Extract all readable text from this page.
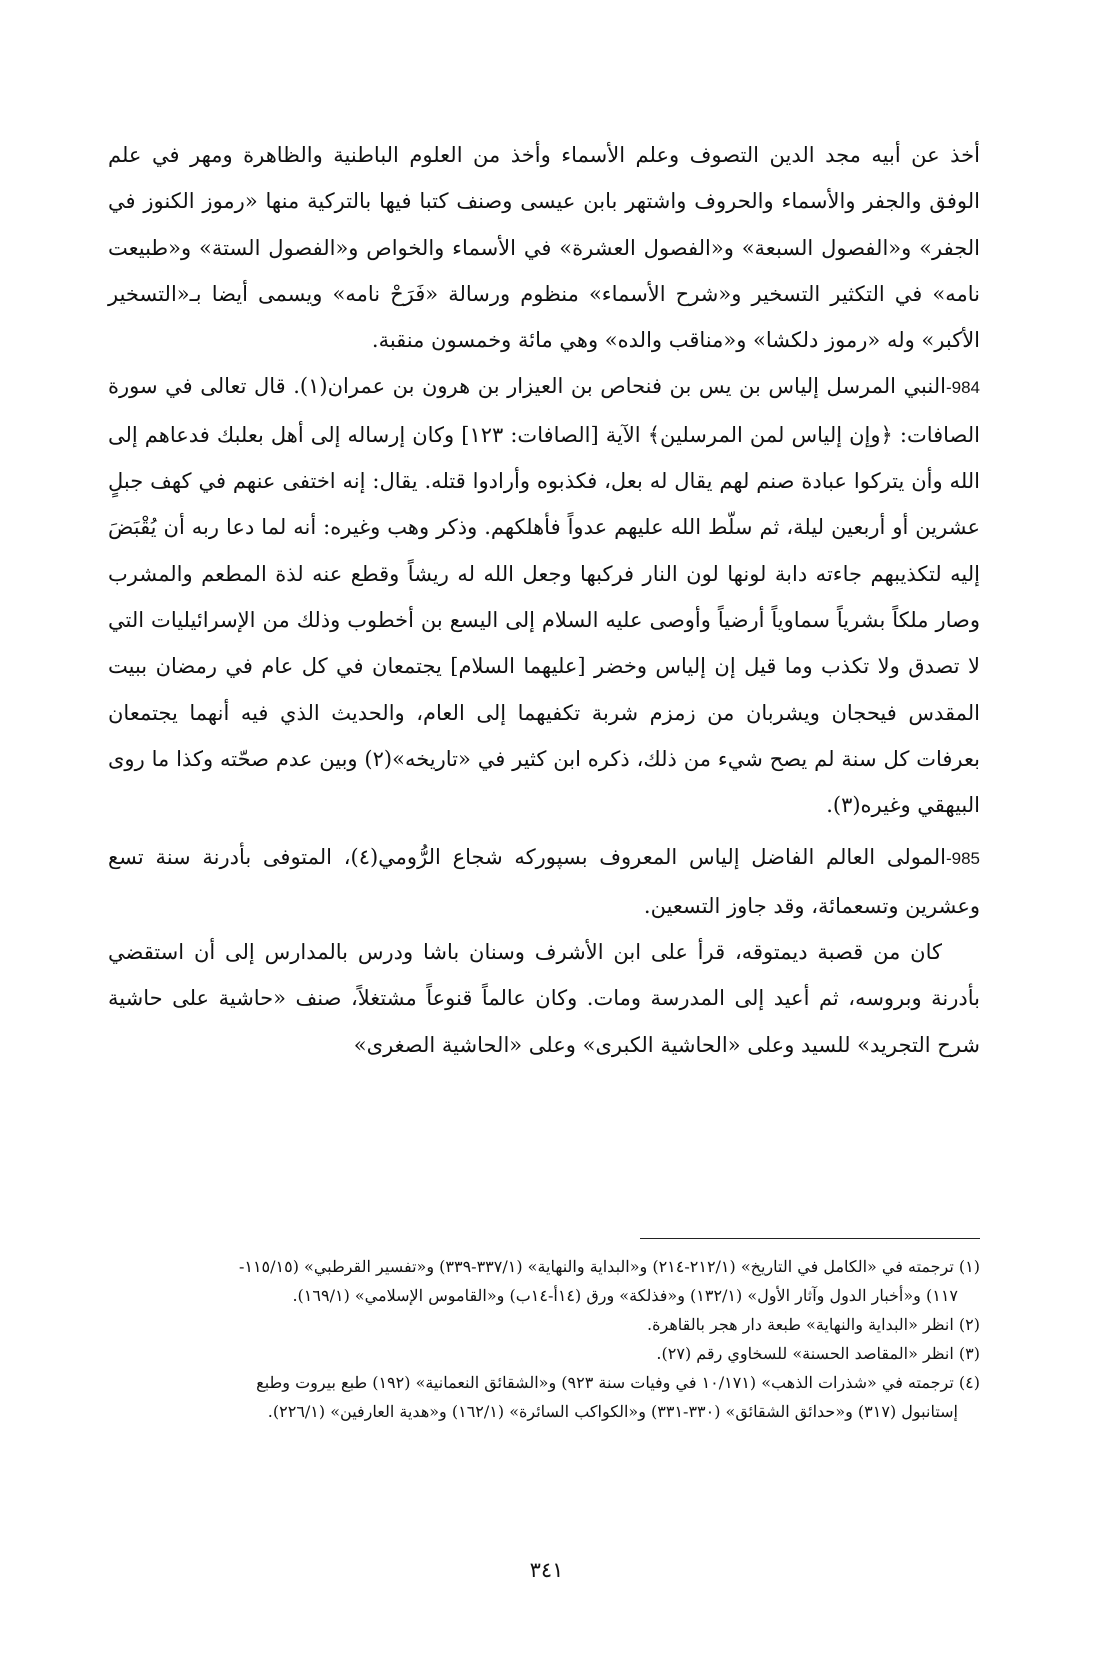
أخذ عن أبيه مجد الدين التصوف وعلم الأسماء وأخذ من العلوم الباطنية والظاهرة ومهر في علم الوفق والجفر والأسماء والحروف واشتهر بابن عيسى وصنف كتبا فيها بالتركية منها «رموز الكنوز في الجفر» و«الفصول السبعة» و«الفصول العشرة» في الأسماء والخواص و«الفصول الستة» و«طبيعت نامه» في التكثير التسخير و«شرح الأسماء» منظوم ورسالة «فَرَحْ نامه» ويسمى أيضا بـ«التسخير الأكبر» وله «رموز دلكشا» و«مناقب والده» وهي مائة وخمسون منقبة.

984-النبي المرسل إلياس بن يس بن فنحاص بن العيزار بن هرون بن عمران(١). قال تعالى في سورة الصافات: ﴿وإن إلياس لمن المرسلين﴾ الآية [الصافات: ١٢٣] وكان إرساله إلى أهل بعلبك فدعاهم إلى الله وأن يتركوا عبادة صنم لهم يقال له بعل، فكذبوه وأرادوا قتله. يقال: إنه اختفى عنهم في كهف جبلٍ عشرين أو أربعين ليلة، ثم سلّط الله عليهم عدواً فأهلكهم. وذكر وهب وغيره: أنه لما دعا ربه أن يُقْبَضَ إليه لتكذيبهم جاءته دابة لونها لون النار فركبها وجعل الله له ريشاً وقطع عنه لذة المطعم والمشرب وصار ملكاً بشرياً سماوياً أرضياً وأوصى عليه السلام إلى اليسع بن أخطوب وذلك من الإسرائيليات التي لا تصدق ولا تكذب وما قيل إن إلياس وخضر [عليهما السلام] يجتمعان في كل عام في رمضان ببيت المقدس فيحجان ويشربان من زمزم شربة تكفيهما إلى العام، والحديث الذي فيه أنهما يجتمعان بعرفات كل سنة لم يصح شيء من ذلك، ذكره ابن كثير في «تاريخه»(٢) وبين عدم صحّته وكذا ما روى البيهقي وغيره(٣).

985-المولى العالم الفاضل إلياس المعروف بسپوركه شجاع الرُّومي(٤)، المتوفى بأدرنة سنة تسع وعشرين وتسعمائة، وقد جاوز التسعين.

كان من قصبة ديمتوقه، قرأ على ابن الأشرف وسنان باشا ودرس بالمدارس إلى أن استقضي بأدرنة وبروسه، ثم أعيد إلى المدرسة ومات. وكان عالماً قنوعاً مشتغلاً، صنف «حاشية على حاشية شرح التجريد» للسيد وعلى «الحاشية الكبرى» وعلى «الحاشية الصغرى»

(١) ترجمته في «الكامل في التاريخ» (٢١٢/١-٢١٤) و«البداية والنهاية» (٣٣٧/١-٣٣٩) و«تفسير القرطبي» (١١٥/١٥-
١١٧) و«أخبار الدول وآثار الأول» (١٣٢/١) و«فذلكة» ورق (١٤أ-١٤ب) و«القاموس الإسلامي» (١٦٩/١).

(٢) انظر «البداية والنهاية» طبعة دار هجر بالقاهرة.

(٣) انظر «المقاصد الحسنة» للسخاوي رقم (٢٧).

(٤) ترجمته في «شذرات الذهب» (١٠/١٧١ في وفيات سنة ٩٢٣) و«الشقائق النعمانية» (١٩٢) طبع بيروت وطبع
إستانبول (٣١٧) و«حدائق الشقائق» (٣٣٠-٣٣١) و«الكواكب السائرة» (١٦٢/١) و«هدية العارفين» (٢٢٦/١).

٣٤١
